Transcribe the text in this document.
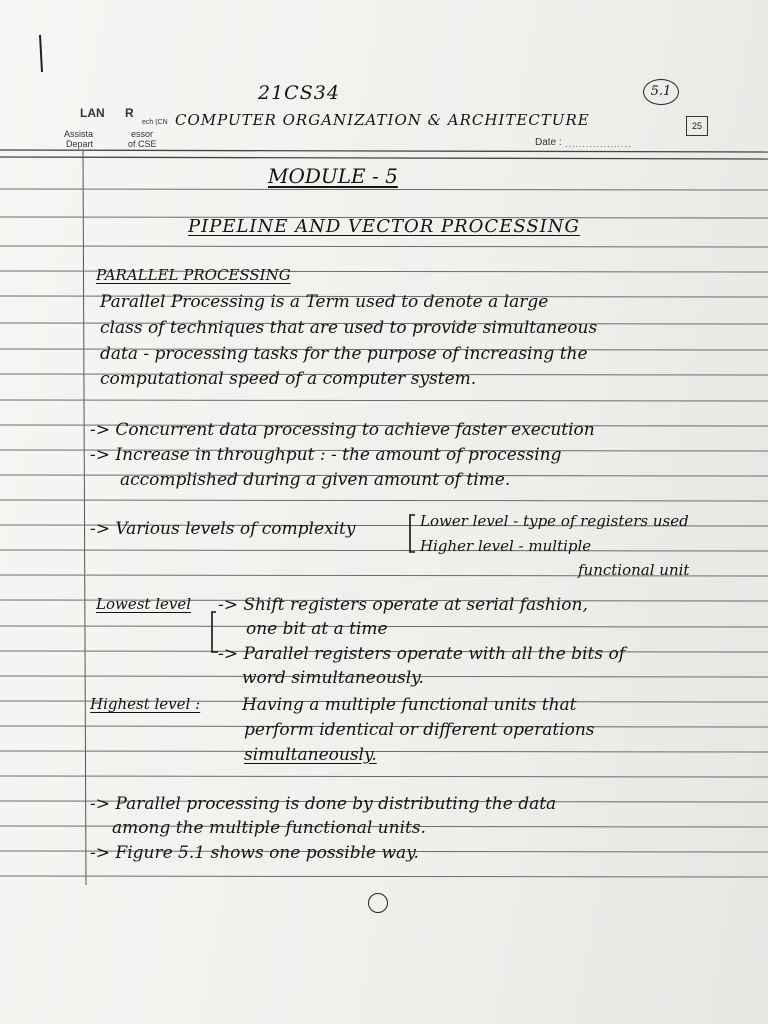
21CS34	5.1
LAN R
ech (CN
Assista	essor
Depart	of CSE
COMPUTER ORGANIZATION & ARCHITECTURE
Date : ...................
25
MODULE - 5
PIPELINE AND VECTOR PROCESSING
PARALLEL PROCESSING
Parallel Processing is a Term used to denote a large
class of techniques that are used to provide simultaneous
data - processing tasks for the purpose of increasing the
computational speed of a computer system.
-> Concurrent data processing to achieve faster execution
-> Increase in throughput : - the amount of processing
accomplished during a given amount of time.
-> Various levels of complexity	Lower level - type of registers used
Higher level - multiple
functional unit
Lowest level -> Shift registers operate at serial fashion,
one bit at a time
-> Parallel registers operate with all the bits of
word simultaneously.
Highest level : Having a multiple functional units that
perform identical or different operations
simultaneously.
-> Parallel processing is done by distributing the data
among the multiple functional units.
-> Figure 5.1 shows one possible way.
